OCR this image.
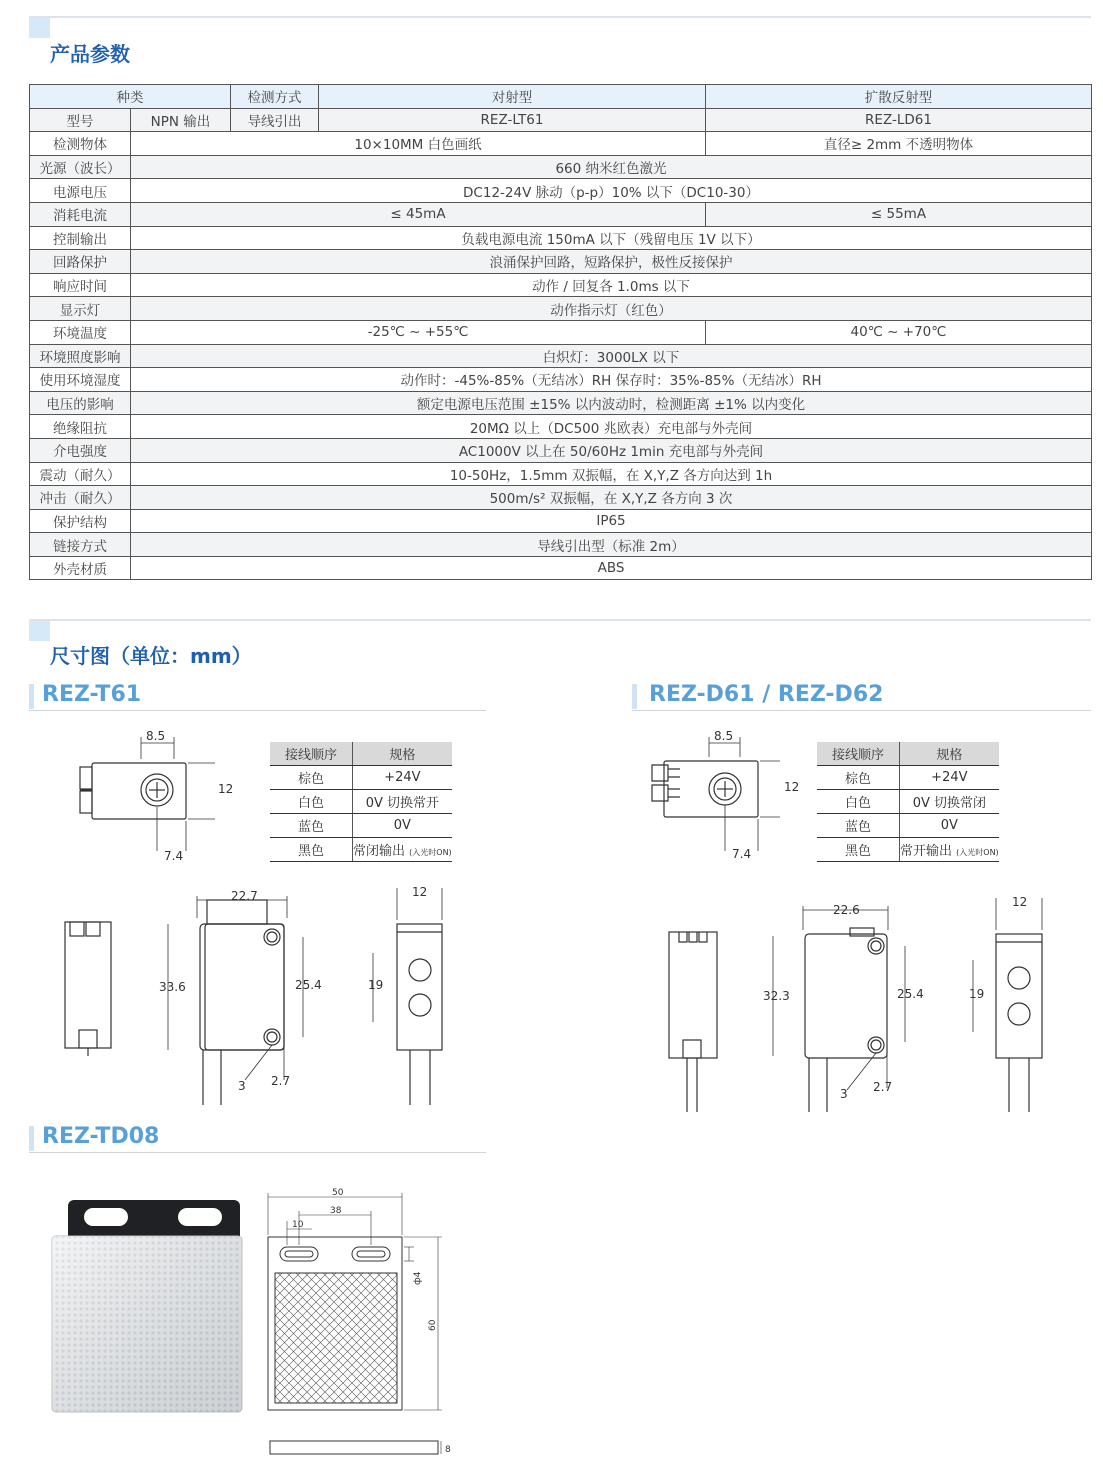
产品参数
种类		检测方式	对射型	扩散反射型
型号	NPN 输出	导线引出	REZ-LT61	REZ-LD61
检测物体	10×10MM 白色画纸			直径≥ 2mm 不透明物体
光源（波长）	660 纳米红色激光			
电源电压	DC12-24V 脉动（p-p）10% 以下（DC10-30）			
消耗电流	≤ 45mA			≤ 55mA
控制输出	负载电源电流 150mA 以下（残留电压 1V 以下）			
回路保护	浪涌保护回路，短路保护，极性反接保护			
响应时间	动作 / 回复各 1.0ms 以下			
显示灯	动作指示灯（红色）			
环境温度	-25℃ ~ +55℃			40℃ ~ +70℃
环境照度影响	白炽灯：3000LX 以下			
使用环境湿度	动作时：-45%-85%（无结冰）RH 保存时：35%-85%（无结冰）RH			
电压的影响	额定电源电压范围 ±15% 以内波动时，检测距离 ±1% 以内变化			
绝缘阻抗	20MΩ 以上（DC500 兆欧表）充电部与外壳间			
介电强度	AC1000V 以上在 50/60Hz 1min 充电部与外壳间			
震动（耐久）	10-50Hz，1.5mm 双振幅，在 X,Y,Z 各方向达到 1h			
冲击（耐久）	500m/s² 双振幅，在 X,Y,Z 各方向 3 次			
保护结构	IP65			
链接方式	导线引出型（标准 2m）			
外壳材质	ABS			
尺寸图（单位：mm）
REZ-T61	REZ-D61 / REZ-D62
REZ-TD08
接线顺序	规格
棕色	+24V
白色	0V 切换常开
蓝色	0V
黑色	常闭输出 (入光时ON)
接线顺序	规格
棕色	+24V
白色	0V 切换常闭
蓝色	0V
黑色	常开输出 (入光时ON)
8.5
12
7.4
22.7
33.6	25.4	19
12
3 2.7
8.5
12
7.4
22.6
32.3	25.4	19
12
3 2.7
50
38
10
ф4
60
8
